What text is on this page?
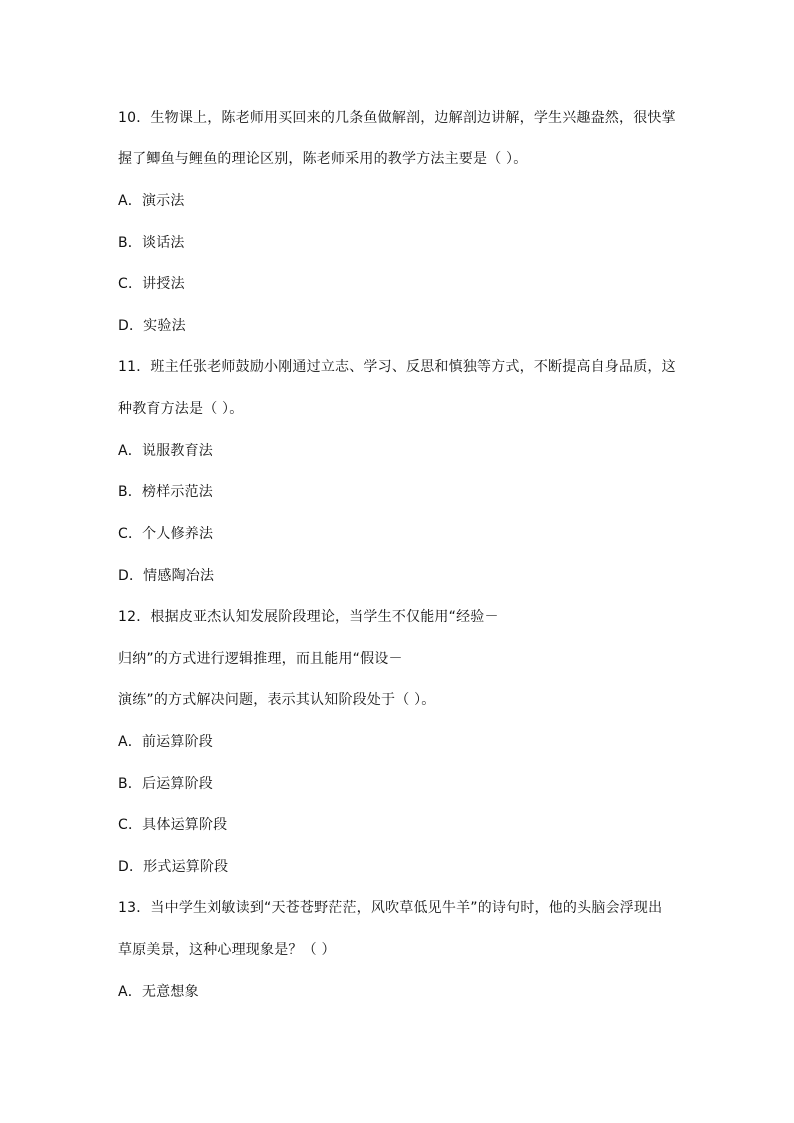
10．生物课上，陈老师用买回来的几条鱼做解剖，边解剖边讲解，学生兴趣盎然，很快掌
握了鲫鱼与鲤鱼的理论区别，陈老师采用的教学方法主要是（ ）。
A．演示法
B．谈话法
C．讲授法
D．实验法
11．班主任张老师鼓励小刚通过立志、学习、反思和慎独等方式，不断提高自身品质，这
种教育方法是（ ）。
A．说服教育法
B．榜样示范法
C．个人修养法
D．情感陶冶法
12．根据皮亚杰认知发展阶段理论，当学生不仅能用“经验－
归纳”的方式进行逻辑推理，而且能用“假设－
演练”的方式解决问题，表示其认知阶段处于（ ）。
A．前运算阶段
B．后运算阶段
C．具体运算阶段
D．形式运算阶段
13．当中学生刘敏读到“天苍苍野茫茫，风吹草低见牛羊”的诗句时，他的头脑会浮现出
草原美景，这种心理现象是？（ ）
A．无意想象
